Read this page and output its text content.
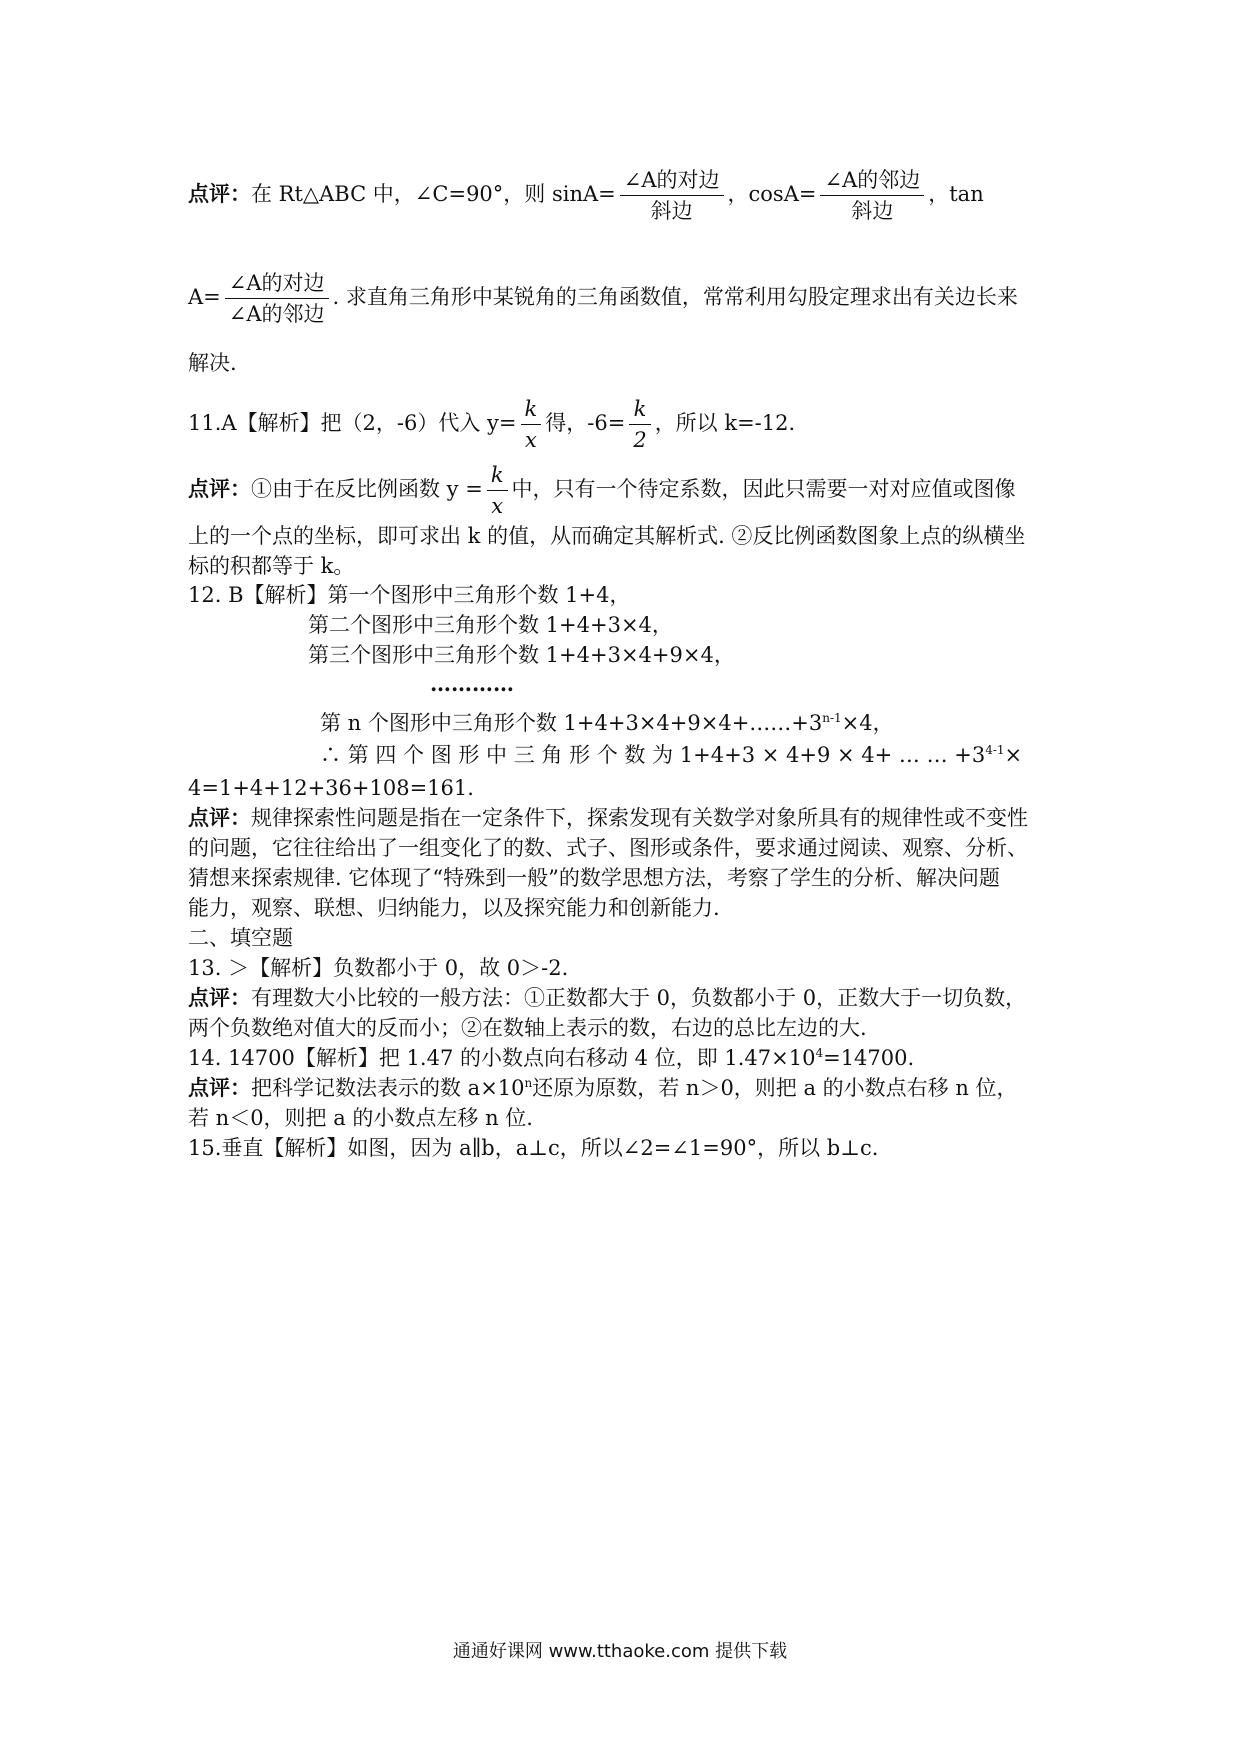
点评：在 Rt△ABC 中，∠C=90°，则 $\sin A= \frac{\text{∠A的对边}}{\text{斜边}}$ ，$\cos A= \frac{\text{∠A的邻边}}{\text{斜边}}$ ，tan
$A= \frac{\text{∠A的对边}}{\text{∠A的邻边}}$ . 求直角三角形中某锐角的三角函数值，常常利用勾股定理求出有关边长来
解决.
11.A【解析】把（2，-6）代入 $y= \frac{k}{x}$ 得，$-6= \frac{k}{2}$ ，所以 k=-12.
点评：①由于在反比例函数 $y = \frac{k}{x}$ 中，只有一个待定系数，因此只需要一对对应值或图像
上的一个点的坐标，即可求出 k 的值，从而确定其解析式. ②反比例函数图象上点的纵横坐
标的积都等于 k。
12. B【解析】第一个图形中三角形个数 1+4，
第二个图形中三角形个数 1+4+3×4，
第三个图形中三角形个数 1+4+3×4+9×4，
…………
第 n 个图形中三角形个数 $1+4+3\times 4+9\times 4+\dots\dots+3^{n-1}\times 4$，
∴ 第 四 个 图 形 中 三 角 形 个 数 为 1+4+3 × 4+9 × 4+ … … $+3^{4-1}\times$
4=1+4+12+36+108=161.
点评：规律探索性问题是指在一定条件下，探索发现有关数学对象所具有的规律性或不变性
的问题，它往往给出了一组变化了的数、式子、图形或条件，要求通过阅读、观察、分析、
猜想来探索规律. 它体现了“特殊到一般”的数学思想方法，考察了学生的分析、解决问题
能力，观察、联想、归纳能力，以及探究能力和创新能力.
二、填空题
13. ＞【解析】负数都小于 0，故 0＞-2.
点评：有理数大小比较的一般方法：①正数都大于 0，负数都小于 0，正数大于一切负数，
两个负数绝对值大的反而小；②在数轴上表示的数，右边的总比左边的大.
14. 14700【解析】把 1.47 的小数点向右移动 4 位，即 $1.47\times 10^4=14700$.
点评：把科学记数法表示的数 $a\times 10^n$还原为原数，若 n＞0，则把 a 的小数点右移 n 位，
若 n＜0，则把 a 的小数点左移 n 位.
15.垂直【解析】如图，因为 a∥b，a⊥c，所以∠2=∠1=90°，所以 b⊥c.
通通好课网 www.tthaoke.com 提供下载
